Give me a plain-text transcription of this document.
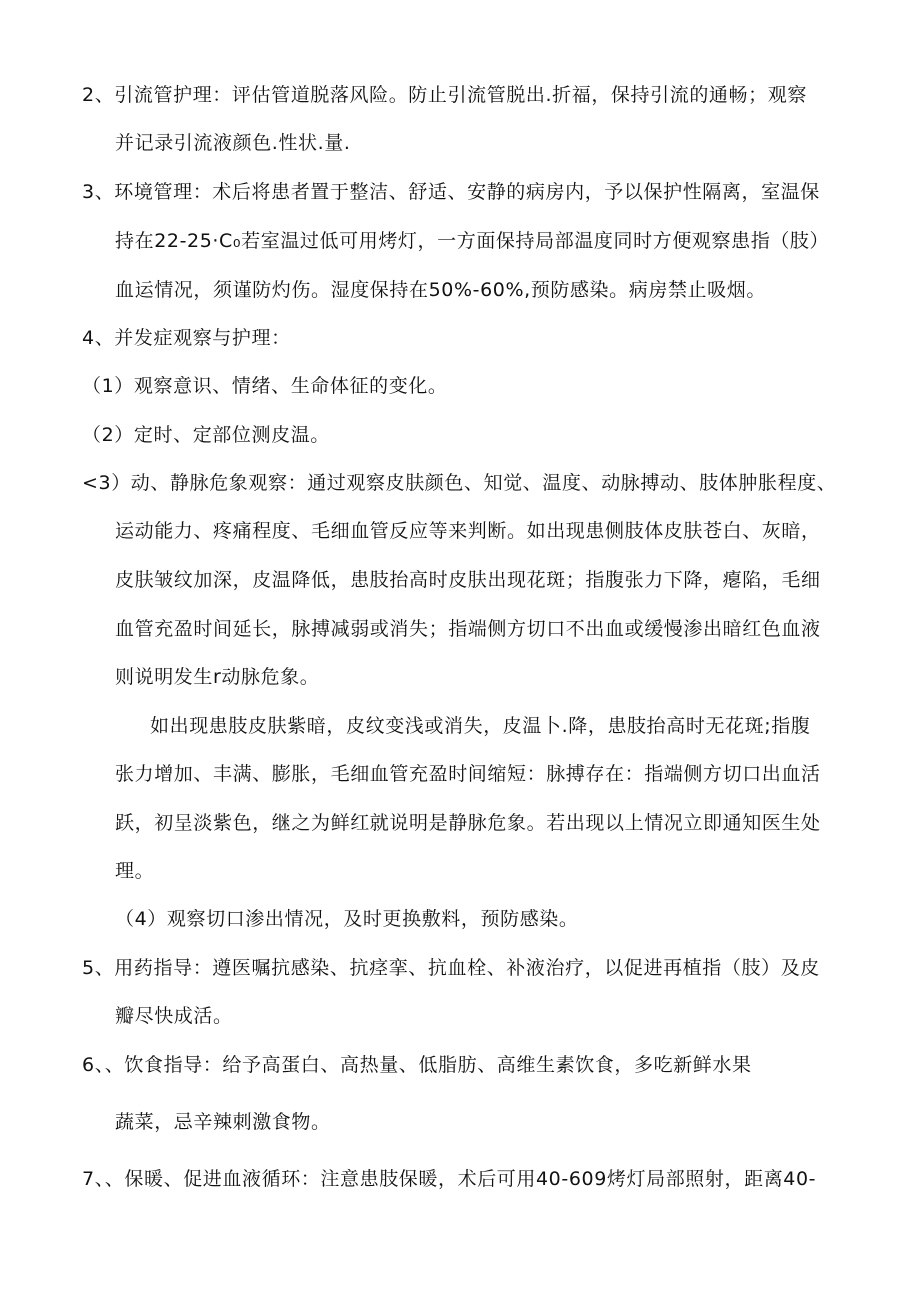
2、引流管护理：评估管道脱落风险。防止引流管脱出.折福，保持引流的通畅；观察
并记录引流液颜色.性状.量.
3、环境管理：术后将患者置于整洁、舒适、安静的病房内，予以保护性隔离，室温保
持在22-25·C₀若室温过低可用烤灯，一方面保持局部温度同时方便观察患指（肢）
血运情况，须谨防灼伤。湿度保持在50%-60%,预防感染。病房禁止吸烟。
4、并发症观察与护理：
（1）观察意识、情绪、生命体征的变化。
（2）定时、定部位测皮温。
<3）动、静脉危象观察：通过观察皮肤颜色、知觉、温度、动脉搏动、肢体肿胀程度、
运动能力、疼痛程度、毛细血管反应等来判断。如出现患侧肢体皮肤苍白、灰暗，
皮肤皱纹加深，皮温降低，患肢抬高时皮肤出现花斑；指腹张力下降，瘪陷，毛细
血管充盈时间延长，脉搏减弱或消失；指端侧方切口不出血或缓慢渗出暗红色血液
则说明发生r动脉危象。
如出现患肢皮肤紫暗，皮纹变浅或消失，皮温卜.降，患肢抬高时无花斑;指腹
张力增加、丰满、膨胀，毛细血管充盈时间缩短：脉搏存在：指端侧方切口出血活
跃，初呈淡紫色，继之为鲜红就说明是静脉危象。若出现以上情况立即通知医生处
理。
（4）观察切口渗出情况，及时更换敷料，预防感染。
5、用药指导：遵医嘱抗感染、抗痉挛、抗血栓、补液治疗，以促进再植指（肢）及皮
瓣尽快成活。
6、、饮食指导：给予高蛋白、高热量、低脂肪、高维生素饮食，多吃新鲜水果
蔬菜，忌辛辣刺激食物。
7、、保暖、促进血液循环：注意患肢保暖，术后可用40-609烤灯局部照射，距离40-
